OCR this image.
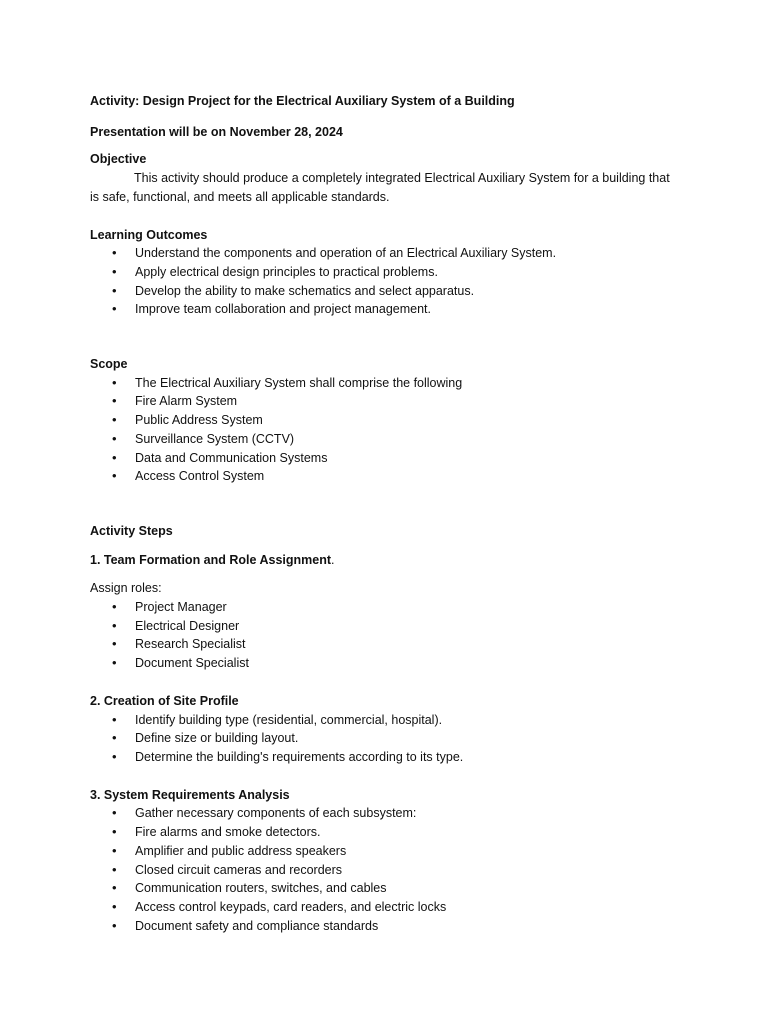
Activity: Design Project for the Electrical Auxiliary System of a Building

Presentation will be on November 28, 2024

Objective

This activity should produce a completely integrated Electrical Auxiliary System for a building that is safe, functional, and meets all applicable standards.

Learning Outcomes

• Understand the components and operation of an Electrical Auxiliary System.
• Apply electrical design principles to practical problems.
• Develop the ability to make schematics and select apparatus.
• Improve team collaboration and project management.

Scope

• The Electrical Auxiliary System shall comprise the following
• Fire Alarm System
• Public Address System
• Surveillance System (CCTV)
• Data and Communication Systems
• Access Control System

Activity Steps

1. Team Formation and Role Assignment.

Assign roles:

• Project Manager
• Electrical Designer
• Research Specialist
• Document Specialist

2. Creation of Site Profile

• Identify building type (residential, commercial, hospital).
• Define size or building layout.
• Determine the building's requirements according to its type.

3. System Requirements Analysis

• Gather necessary components of each subsystem:
• Fire alarms and smoke detectors.
• Amplifier and public address speakers
• Closed circuit cameras and recorders
• Communication routers, switches, and cables
• Access control keypads, card readers, and electric locks
• Document safety and compliance standards
